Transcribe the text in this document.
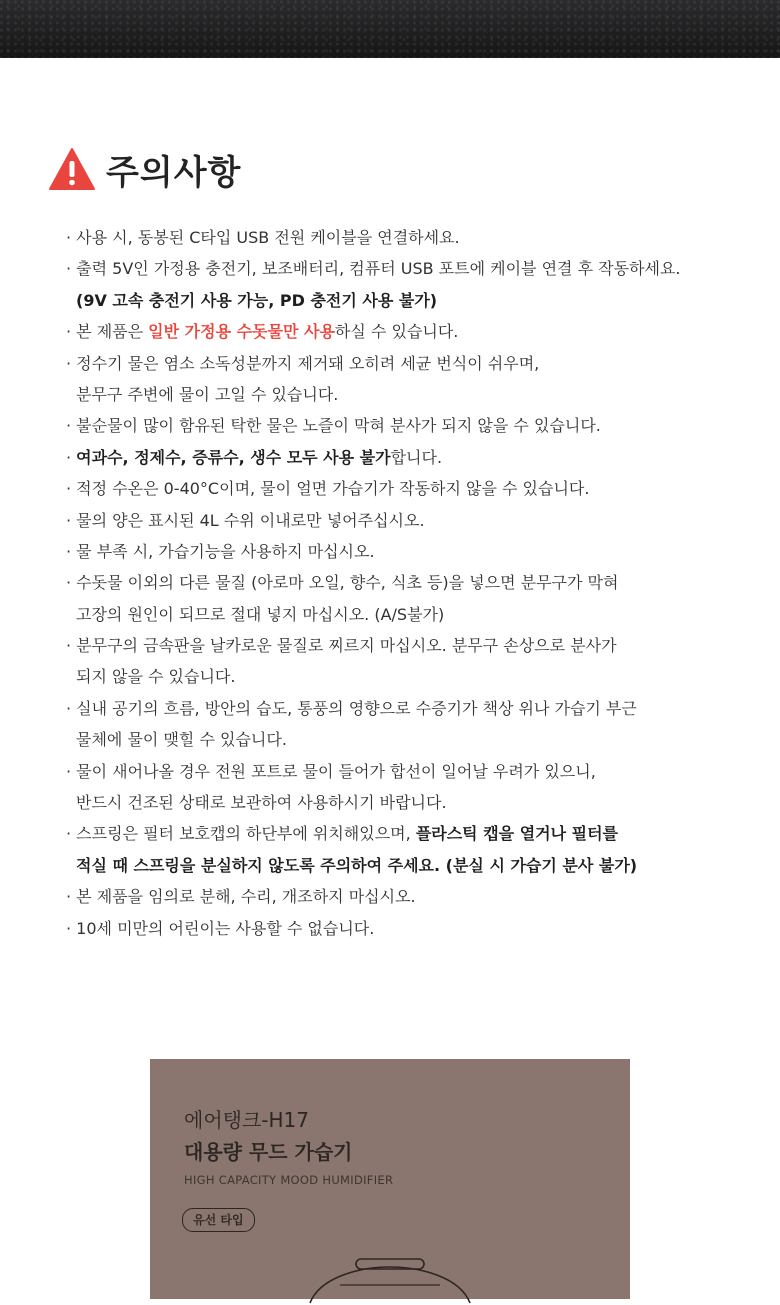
주의사항
· 사용 시, 동봉된 C타입 USB 전원 케이블을 연결하세요.
· 출력 5V인 가정용 충전기, 보조배터리, 컴퓨터 USB 포트에 케이블 연결 후 작동하세요.
(9V 고속 충전기 사용 가능, PD 충전기 사용 불가)
· 본 제품은 일반 가정용 수돗물만 사용하실 수 있습니다.
· 정수기 물은 염소 소독성분까지 제거돼 오히려 세균 번식이 쉬우며,
분무구 주변에 물이 고일 수 있습니다.
· 불순물이 많이 함유된 탁한 물은 노즐이 막혀 분사가 되지 않을 수 있습니다.
· 여과수, 정제수, 증류수, 생수 모두 사용 불가합니다.
· 적정 수온은 0-40°C이며, 물이 얼면 가습기가 작동하지 않을 수 있습니다.
· 물의 양은 표시된 4L 수위 이내로만 넣어주십시오.
· 물 부족 시, 가습기능을 사용하지 마십시오.
· 수돗물 이외의 다른 물질 (아로마 오일, 향수, 식초 등)을 넣으면 분무구가 막혀
고장의 원인이 되므로 절대 넣지 마십시오. (A/S불가)
· 분무구의 금속판을 날카로운 물질로 찌르지 마십시오. 분무구 손상으로 분사가
되지 않을 수 있습니다.
· 실내 공기의 흐름, 방안의 습도, 통풍의 영향으로 수증기가 책상 위나 가습기 부근
물체에 물이 맺힐 수 있습니다.
· 물이 새어나올 경우 전원 포트로 물이 들어가 합선이 일어날 우려가 있으니,
반드시 건조된 상태로 보관하여 사용하시기 바랍니다.
· 스프링은 필터 보호캡의 하단부에 위치해있으며, 플라스틱 캡을 열거나 필터를
적실 때 스프링을 분실하지 않도록 주의하여 주세요. (분실 시 가습기 분사 불가)
· 본 제품을 임의로 분해, 수리, 개조하지 마십시오.
· 10세 미만의 어린이는 사용할 수 없습니다.
에어탱크-H17
대용량 무드 가습기
HIGH CAPACITY MOOD HUMIDIFIER
유선 타입
